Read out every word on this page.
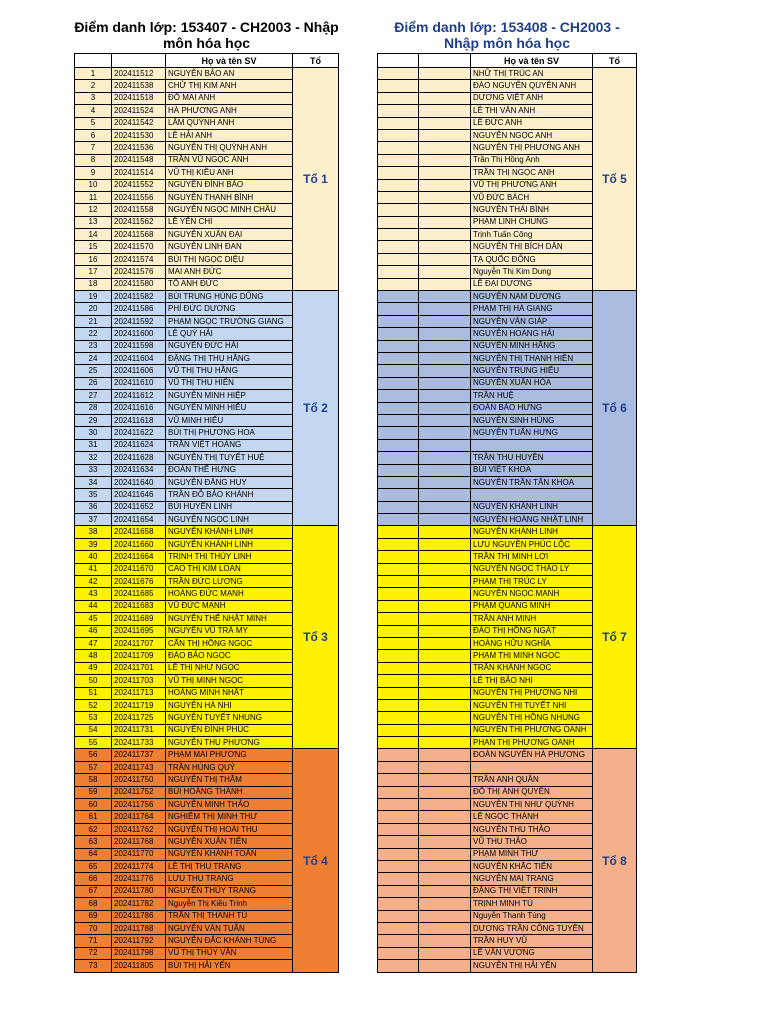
Điểm danh lớp: 153407 - CH2003 - Nhập môn hóa học
Điểm danh lớp: 153408 - CH2003 - Nhập môn hóa học
		Họ và tên SV	Tổ
1	202411512	NGUYỄN BẢO AN	Tổ 1
2	202411538	CHỬ THỊ KIM ANH	
3	202411518	ĐỖ MAI ANH	
4	202411524	HÀ PHƯƠNG ANH	
5	202411542	LÂM QUỲNH ANH	
6	202411530	LÊ HẢI ANH	
7	202411536	NGUYỄN THỊ QUỲNH ANH	
8	202411548	TRẦN VŨ NGỌC ÁNH	
9	202411514	VŨ THỊ KIỀU ANH	
10	202411552	NGUYỄN ĐÌNH BẢO	
11	202411556	NGUYỄN THANH BÌNH	
12	202411558	NGUYỄN NGỌC MINH CHÂU	
13	202411562	LÊ YẾN CHI	
14	202411568	NGUYỄN XUÂN ĐẠI	
15	202411570	NGUYỄN LINH ĐAN	
16	202411574	BÙI THỊ NGỌC DIỆU	
17	202411576	MAI ANH ĐỨC	
18	202411580	TÔ ANH ĐỨC	
19	202411582	BÙI TRUNG HÙNG DŨNG	Tổ 2
20	202411586	PHÍ ĐỨC DƯƠNG	
21	202411592	PHẠM NGỌC TRƯỜNG GIANG	
22	202411600	LÊ QUÝ HẢI	
23	202411598	NGUYỄN ĐỨC HẢI	
24	202411604	ĐẶNG THỊ THU HẰNG	
25	202411606	VŨ THỊ THU HẰNG	
26	202411610	VŨ THỊ THU HIỀN	
27	202411612	NGUYỄN MINH HIỆP	
28	202411616	NGUYỄN MINH HIẾU	
29	202411618	VŨ MINH HIẾU	
30	202411622	BÙI THỊ PHƯƠNG HOA	
31	202411624	TRẦN VIỆT HOÀNG	
32	202411628	NGUYỄN THỊ TUYẾT HUỆ	
33	202411634	ĐOÀN THẾ HƯNG	
34	202411640	NGUYỄN ĐĂNG HUY	
35	202411646	TRẦN ĐỖ BẢO KHÁNH	
36	202411652	BÙI HUYỀN LINH	
37	202411654	NGUYỄN NGỌC LINH	
38	202411658	NGUYỄN KHÁNH LINH	Tổ 3
39	202411660	NGUYỄN KHÁNH LINH	
40	202411664	TRỊNH THỊ THÙY LINH	
41	202411670	CAO THỊ KIM LOAN	
42	202411676	TRẦN ĐỨC LƯƠNG	
43	202411685	HOÀNG ĐỨC MẠNH	
44	202411683	VŨ ĐỨC MẠNH	
45	202411689	NGUYỄN THẾ NHẬT MINH	
46	202411695	NGUYỄN VŨ TRÀ MY	
47	202411707	CẤN THỊ HỒNG NGỌC	
48	202411709	ĐÀO BẢO NGỌC	
49	202411701	LÊ THỊ NHƯ NGỌC	
50	202411703	VŨ THỊ MINH NGỌC	
51	202411713	HOÀNG MINH NHẬT	
52	202411719	NGUYỄN HÀ NHI	
53	202411725	NGUYỄN TUYẾT NHUNG	
54	202411731	NGUYỄN ĐÌNH PHÚC	
55	202411733	NGUYỄN THU PHƯƠNG	
56	202411737	PHẠM MAI PHƯƠNG	Tổ 4
57	202411743	TRẦN HÙNG QUÝ	
58	202411750	NGUYỄN THỊ THẮM	
59	202411752	BÙI HOÀNG THÀNH	
60	202411756	NGUYỄN MINH THẢO	
61	202411764	NGHIÊM THỊ MINH THƯ	
62	202411762	NGUYỄN THỊ HOÀI THU	
63	202411768	NGUYỄN XUÂN TIẾN	
64	202411770	NGUYỄN KHÁNH TOÀN	
65	202411774	LÊ THỊ THU TRANG	
66	202411776	LƯU THU TRANG	
67	202411780	NGUYỄN THÙY TRANG	
68	202411782	Nguyễn Thị Kiều Trinh	
69	202411786	TRẦN THỊ THANH TÚ	
70	202411788	NGUYỄN VĂN TUẤN	
71	202411792	NGUYỄN ĐẮC KHÁNH TÙNG	
72	202411798	VŨ THỊ THÚY VÂN	
73	202411805	BÙI THỊ HẢI YẾN	
		Họ và tên SV	Tổ
		NHỮ THỊ TRÚC AN	Tổ 5
		ĐÀO NGUYỄN QUYÊN ANH	
		DƯƠNG VIỆT ANH	
		LÊ THỊ VÂN ANH	
		LÊ ĐỨC ANH	
		NGUYỄN NGỌC ANH	
		NGUYỄN THỊ PHƯƠNG ANH	
		Trần Thị Hồng Anh	
		TRẦN THỊ NGỌC ANH	
		VŨ THỊ PHƯƠNG ANH	
		VŨ ĐỨC BÁCH	
		NGUYỄN THÁI BÌNH	
		PHẠM LINH CHUNG	
		Trịnh Tuấn Công	
		NGUYỄN THỊ BÍCH DÂN	
		TẠ QUỐC ĐÔNG	
		Nguyễn Thị Kim Dung	
		LÊ ĐẠI DƯƠNG	
		NGUYỄN NAM DƯƠNG	Tổ 6
		PHẠM THỊ HÀ GIANG	
		NGUYỄN VĂN GIÁP	
		NGUYỄN HOÀNG HẢI	
		NGUYỄN MINH HẰNG	
		NGUYỄN THỊ THANH HIỀN	
		NGUYỄN TRUNG HIẾU	
		NGUYỄN XUÂN HÒA	
		TRẦN HUỆ	
		ĐOÀN BẢO HƯNG	
		NGUYỄN SINH HÙNG	
		NGUYỄN TUẤN HƯNG	

		TRẦN THU HUYỀN	
		BÙI VIỆT KHOA	
		NGUYỄN TRẦN TẤN KHOA	

		NGUYỄN KHÁNH LINH	
		NGUYỄN HOÀNG NHẬT LINH	
		NGUYỄN KHÁNH LINH	Tổ 7
		LƯU NGUYỄN PHÚC LỘC	
		TRẦN THỊ MINH LỢI	
		NGUYỄN NGỌC THẢO LY	
		PHẠM THỊ TRÚC LY	
		NGUYỄN NGỌC MẠNH	
		PHẠM QUANG MINH	
		TRẦN ANH MINH	
		ĐÀO THỊ HỒNG NGÁT	
		HOÀNG HỮU NGHĨA	
		PHẠM THỊ MINH NGỌC	
		TRẦN KHÁNH NGỌC	
		LÊ THỊ BẢO NHI	
		NGUYỄN THỊ PHƯƠNG NHI	
		NGUYỄN THỊ TUYẾT NHI	
		NGUYỄN THỊ HỒNG NHUNG	
		NGUYỄN THỊ PHƯƠNG OANH	
		PHAN THỊ PHƯƠNG OANH	
		ĐOÀN NGUYỄN HÀ PHƯƠNG	Tổ 8

		TRẦN ANH QUÂN	
		ĐỖ THỊ ÁNH QUYÊN	
		NGUYỄN THỊ NHƯ QUỲNH	
		LÊ NGỌC THÀNH	
		NGUYỄN THU THẢO	
		VŨ THU THẢO	
		PHẠM MINH THƯ	
		NGUYỄN KHẮC TIẾN	
		NGUYỄN MAI TRANG	
		ĐẶNG THỊ VIỆT TRINH	
		TRỊNH MINH TÚ	
		Nguyễn Thanh Tùng	
		DƯƠNG TRẦN CÔNG TUYỀN	
		TRẦN HUY VŨ	
		LÊ VĂN VƯỢNG	
		NGUYỄN THỊ HẢI YẾN	
